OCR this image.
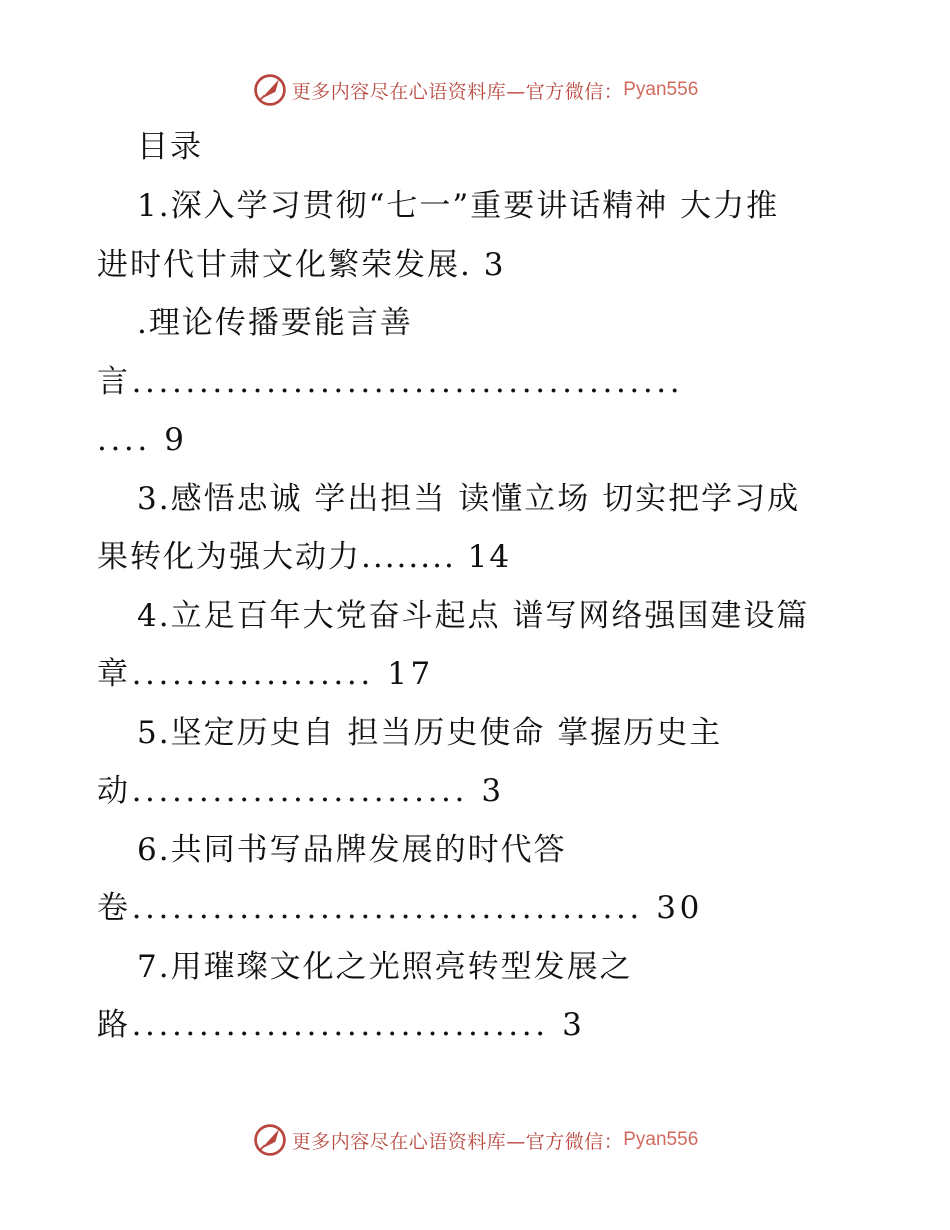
更多内容尽在心语资料库—官方微信： Pyan556
目录
1.深入学习贯彻“七一”重要讲话精神 大力推
进时代甘肃文化繁荣发展. 3
.理论传播要能言善
言.........................................
.... 9
3.感悟忠诚 学出担当 读懂立场 切实把学习成
果转化为强大动力........ 14
4.立足百年大党奋斗起点 谱写网络强国建设篇
章.................. 17
5.坚定历史自 担当历史使命 掌握历史主
动......................... 3
6.共同书写品牌发展的时代答
卷...................................... 30
7.用璀璨文化之光照亮转型发展之
路............................... 3
更多内容尽在心语资料库—官方微信： Pyan556
